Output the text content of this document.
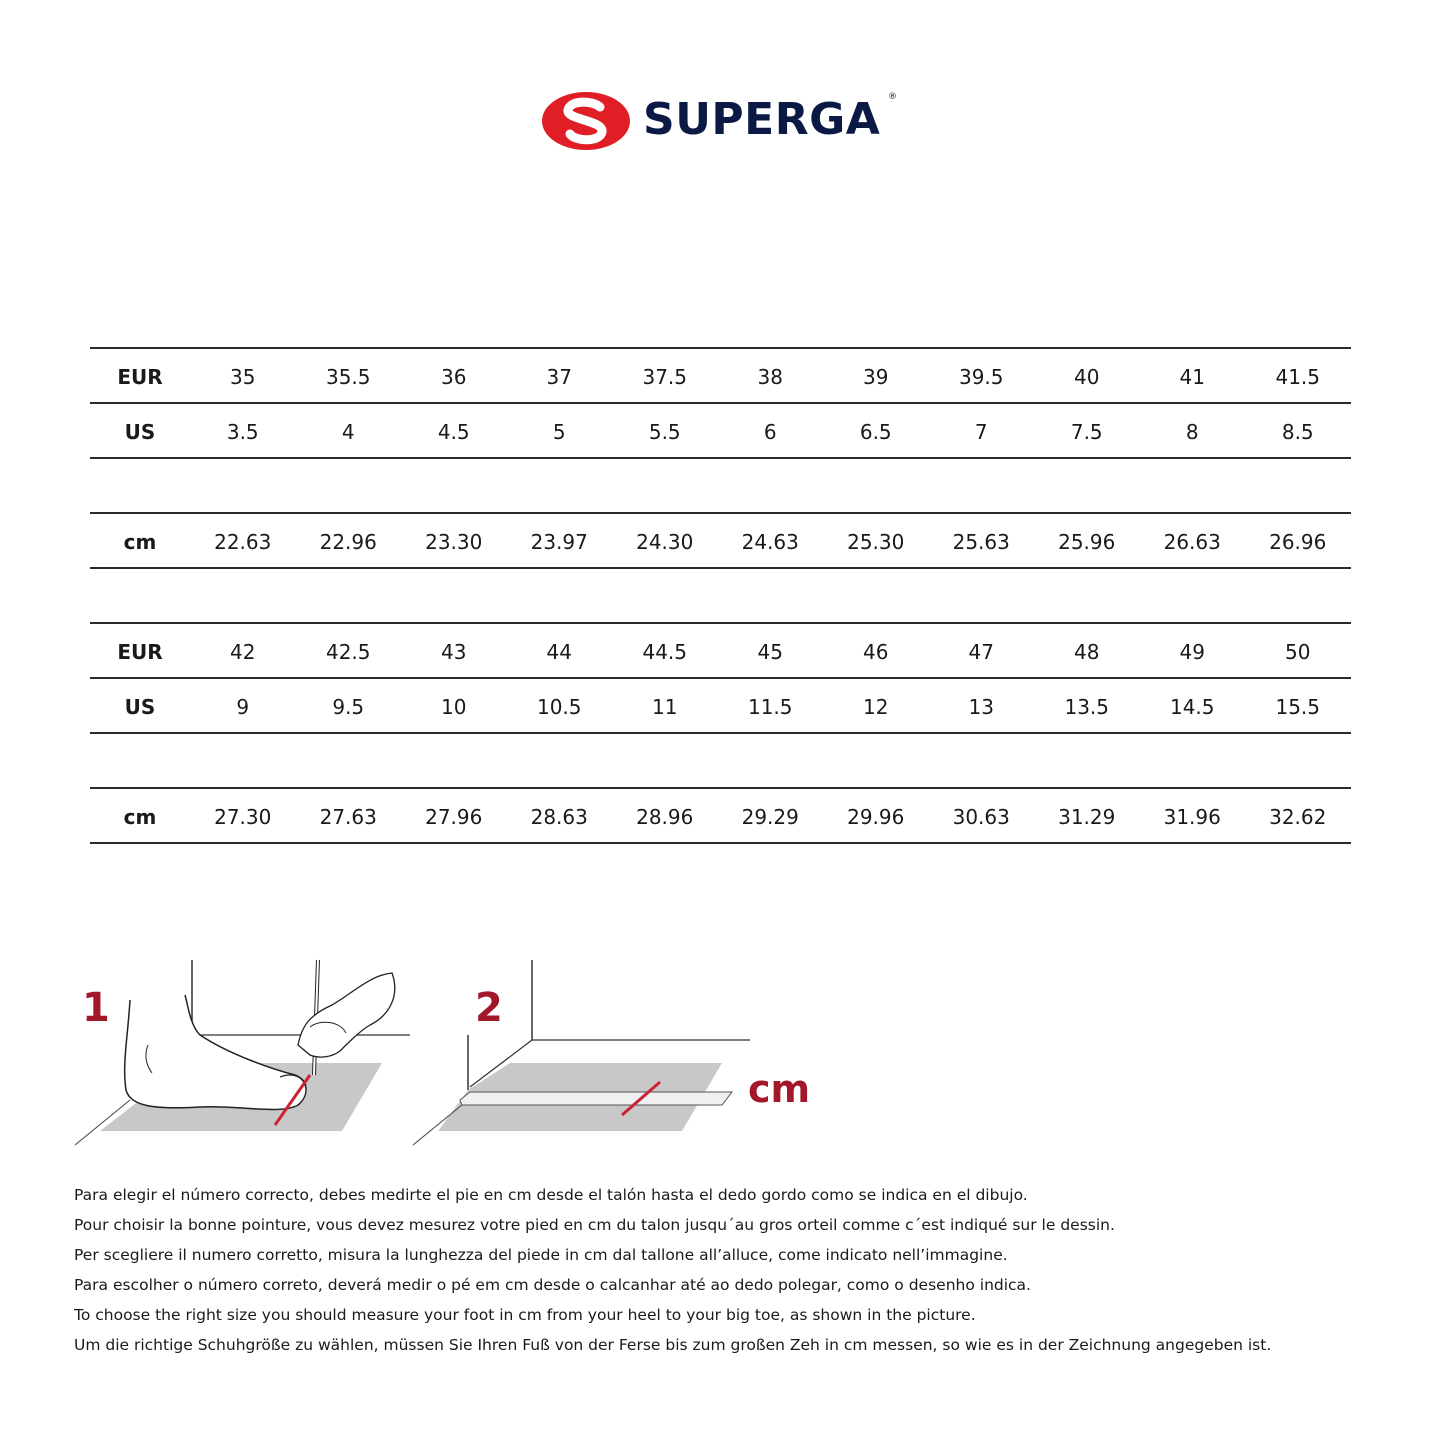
SUPERGA ®
EUR	35	35.5	36	37	37.5	38	39	39.5	40	41	41.5
US	3.5	4	4.5	5	5.5	6	6.5	7	7.5	8	8.5
cm	22.63	22.96	23.30	23.97	24.30	24.63	25.30	25.63	25.96	26.63	26.96
EUR	42	42.5	43	44	44.5	45	46	47	48	49	50
US	9	9.5	10	10.5	11	11.5	12	13	13.5	14.5	15.5
cm	27.30	27.63	27.96	28.63	28.96	29.29	29.96	30.63	31.29	31.96	32.62
1	2
cm

Para elegir el número correcto, debes medirte el pie en cm desde el talón hasta el dedo gordo como se indica en el dibujo.

Pour choisir la bonne pointure, vous devez mesurez votre pied en cm du talon jusqu´au gros orteil comme c´est indiqué sur le dessin.

Per scegliere il numero corretto, misura la lunghezza del piede in cm dal tallone all’alluce, come indicato nell’immagine.

Para escolher o número correto, deverá medir o pé em cm desde o calcanhar até ao dedo polegar, como o desenho indica.

To choose the right size you should measure your foot in cm from your heel to your big toe, as shown in the picture.

Um die richtige Schuhgröße zu wählen, müssen Sie Ihren Fuß von der Ferse bis zum großen Zeh in cm messen, so wie es in der Zeichnung angegeben ist.
